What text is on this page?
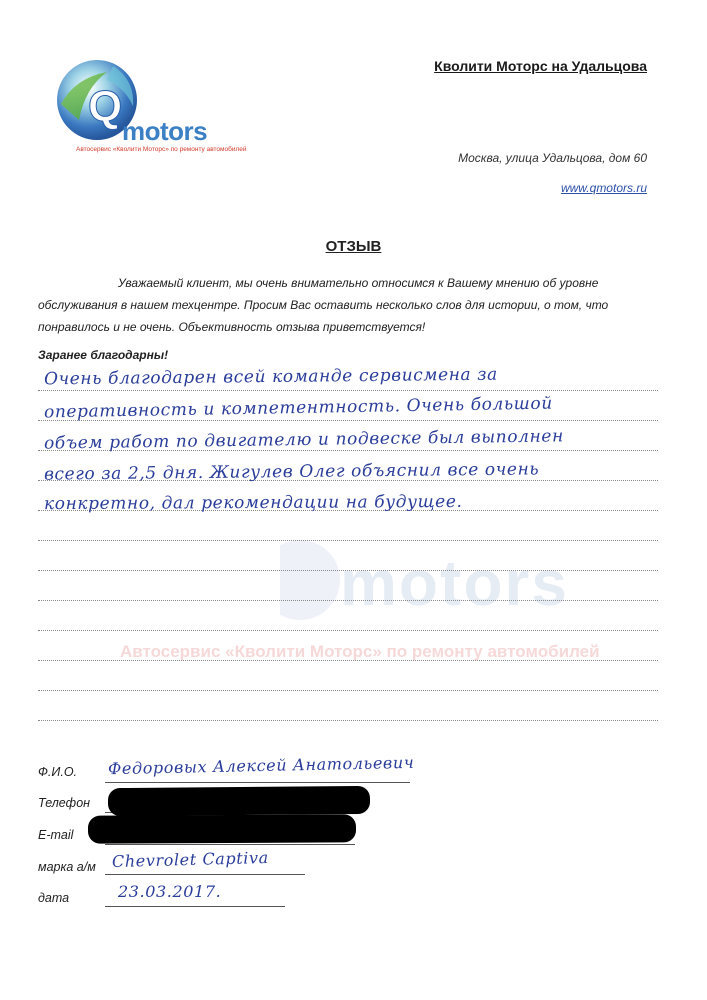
Q motors
Автосервис «Кволити Моторс» по ремонту автомобилей
Кволити Моторс на Удальцова
Москва, улица Удальцова, дом 60
www.qmotors.ru
ОТЗЫВ
Уважаемый клиент, мы очень внимательно относимся к Вашему мнению об уровне обслуживания в нашем техцентре. Просим Вас оставить несколько слов для истории, о том, что понравилось и не очень. Объективность отзыва приветствуется!
Заранее благодарны!
motors
Автосервис «Кволити Моторс» по ремонту автомобилей
Очень благодарен всей команде сервисмена за
оперативность и компетентность. Очень большой
объем работ по двигателю и подвеске был выполнен
всего за 2,5 дня. Жигулев Олег объяснил все очень
конкретно, дал рекомендации на будущее.
Ф.И.О. Федоровых Алексей Анатольевич
Телефон
E-mail
марка а/м Chevrolet Captiva
дата	23.03.2017.
